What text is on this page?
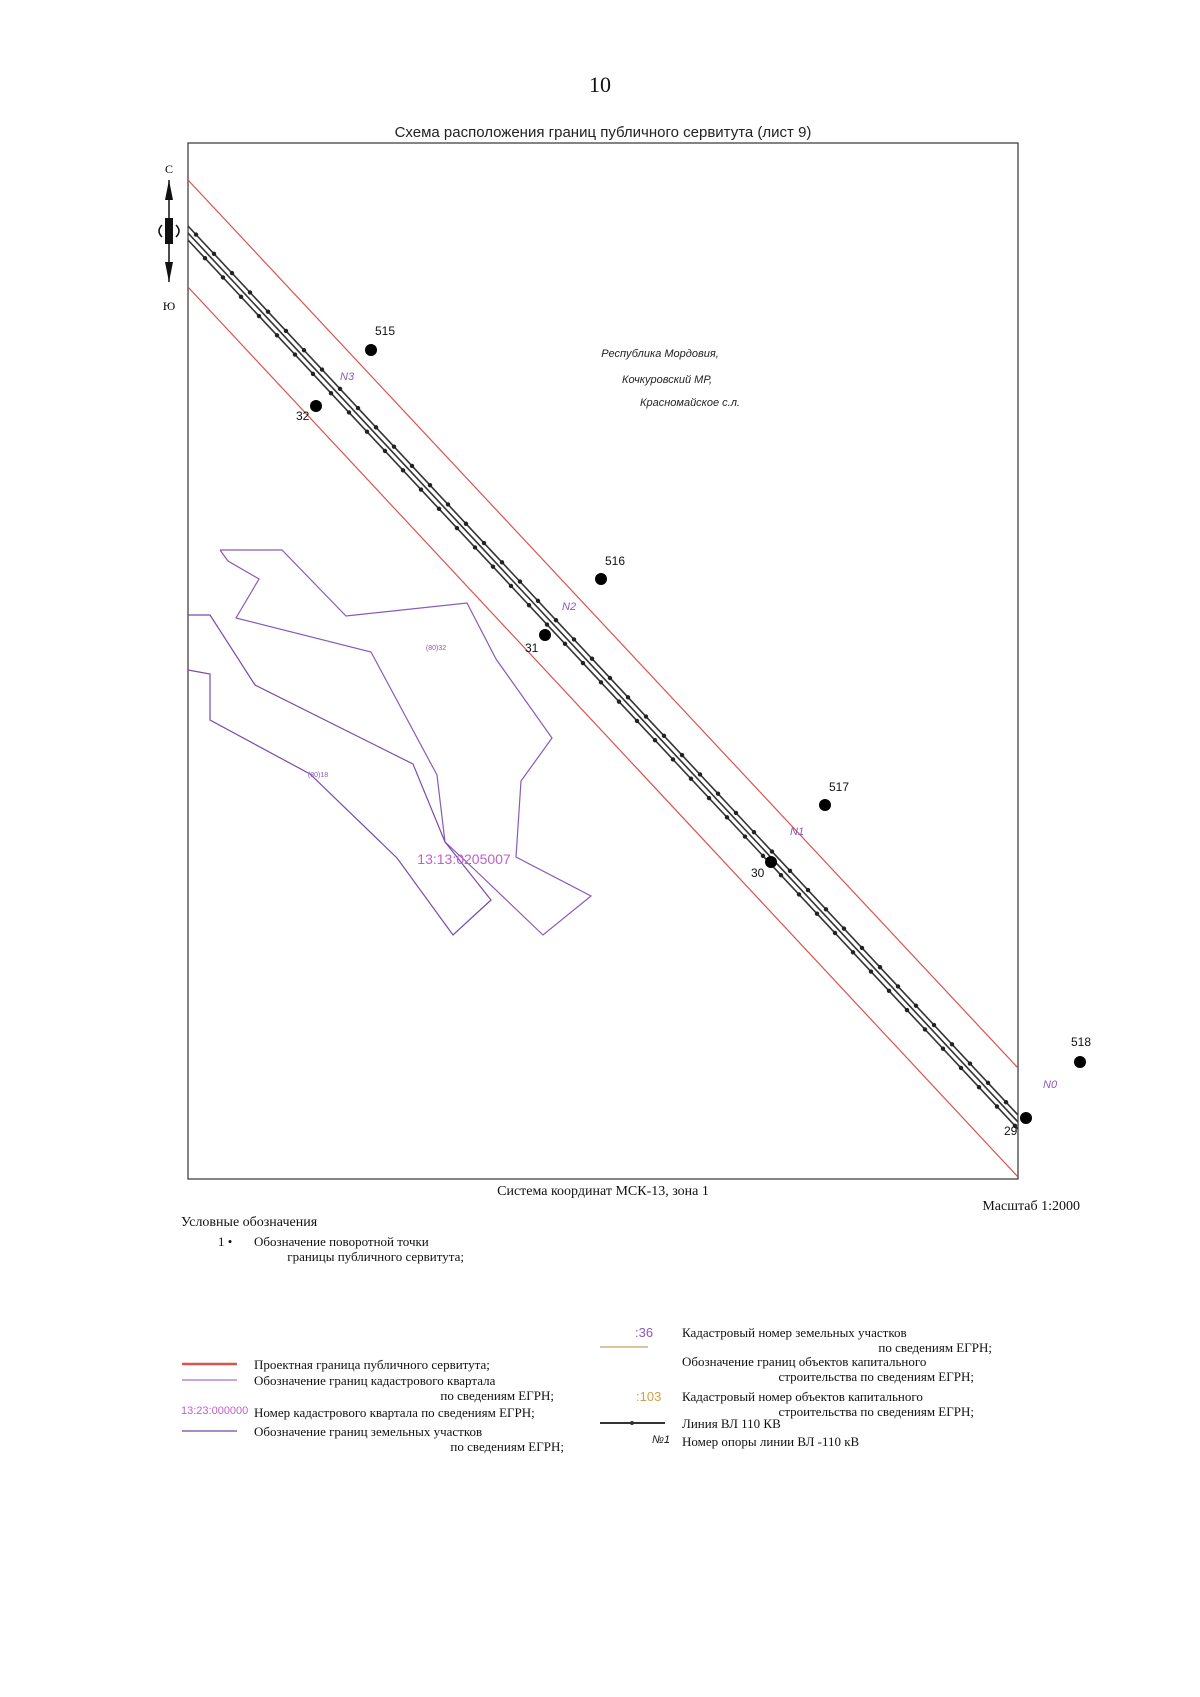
10
Схема расположения границ публичного сервитута (лист 9)
С
Ю
(80)32
(80)18
13:13:0205007
Республика Мордовия,
Кочкуровский МР,
Красномайское с.л.
N3
N2
N1
N0
515
516
517
518
32
31
30
29
Система координат МСК-13, зона 1
Масштаб 1:2000
Условные обозначения
1 • Обозначение поворотной точки
границы публичного сервитута;
Проектная граница публичного сервитута;
Обозначение границ кадастрового квартала
по сведениям ЕГРН;
13:23:000000 Номер кадастрового квартала по сведениям ЕГРН;
Обозначение границ земельных участков
по сведениям ЕГРН;
:36 Кадастровый номер земельных участков
по сведениям ЕГРН;
Обозначение границ объектов капитального
строительства по сведениям ЕГРН;
:103 Кадастровый номер объектов капитального
строительства по сведениям ЕГРН;
Линия ВЛ 110 КВ
№1 Номер опоры линии ВЛ -110 кВ
